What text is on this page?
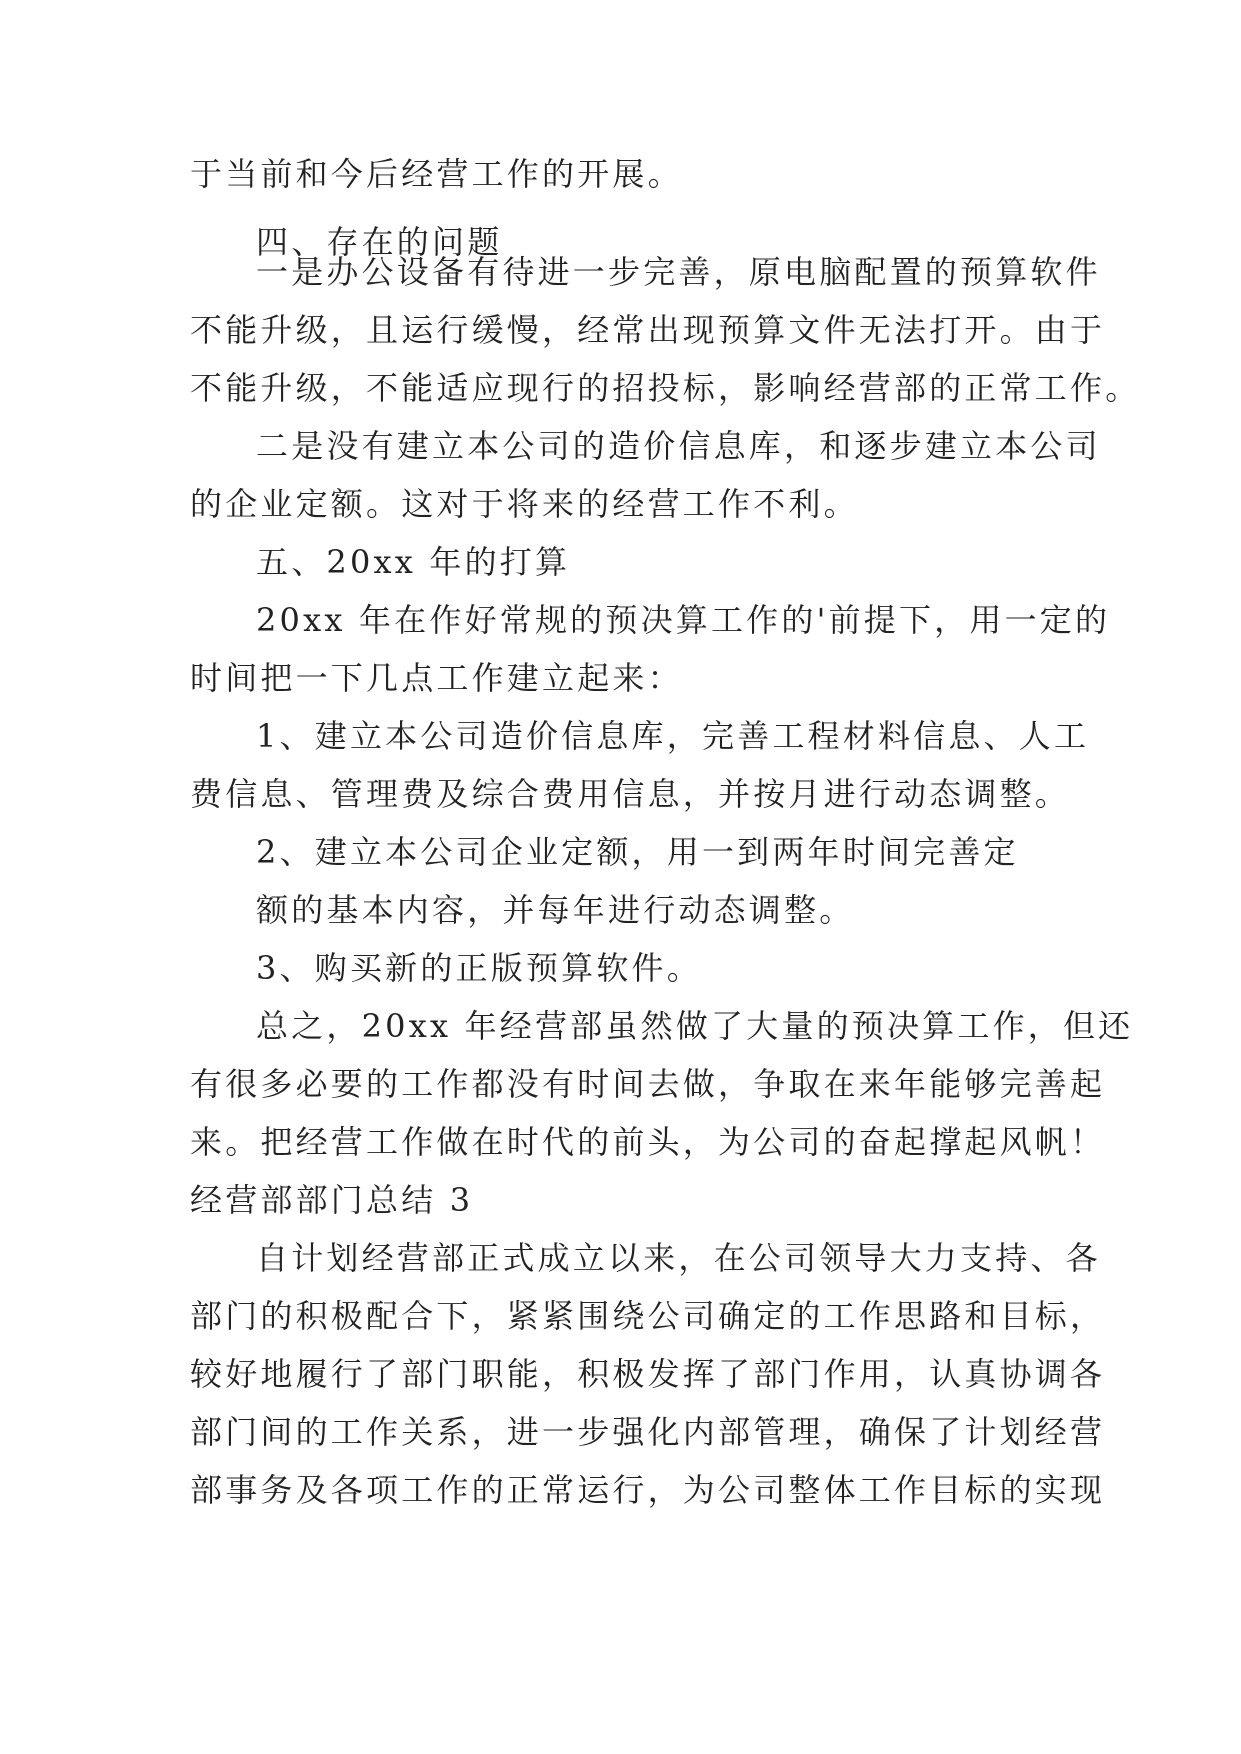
于当前和今后经营工作的开展。
四、存在的问题
一是办公设备有待进一步完善，原电脑配置的预算软件
不能升级，且运行缓慢，经常出现预算文件无法打开。由于
不能升级，不能适应现行的招投标，影响经营部的正常工作。
二是没有建立本公司的造价信息库，和逐步建立本公司
的企业定额。这对于将来的经营工作不利。
五、20xx 年的打算
20xx 年在作好常规的预决算工作的'前提下，用一定的
时间把一下几点工作建立起来：
1、建立本公司造价信息库，完善工程材料信息、人工
费信息、管理费及综合费用信息，并按月进行动态调整。
2、建立本公司企业定额，用一到两年时间完善定
额的基本内容，并每年进行动态调整。
3、购买新的正版预算软件。
总之，20xx 年经营部虽然做了大量的预决算工作，但还
有很多必要的工作都没有时间去做，争取在来年能够完善起
来。把经营工作做在时代的前头，为公司的奋起撑起风帆！
经营部部门总结 3
自计划经营部正式成立以来，在公司领导大力支持、各
部门的积极配合下，紧紧围绕公司确定的工作思路和目标，
较好地履行了部门职能，积极发挥了部门作用，认真协调各
部门间的工作关系，进一步强化内部管理，确保了计划经营
部事务及各项工作的正常运行，为公司整体工作目标的实现
